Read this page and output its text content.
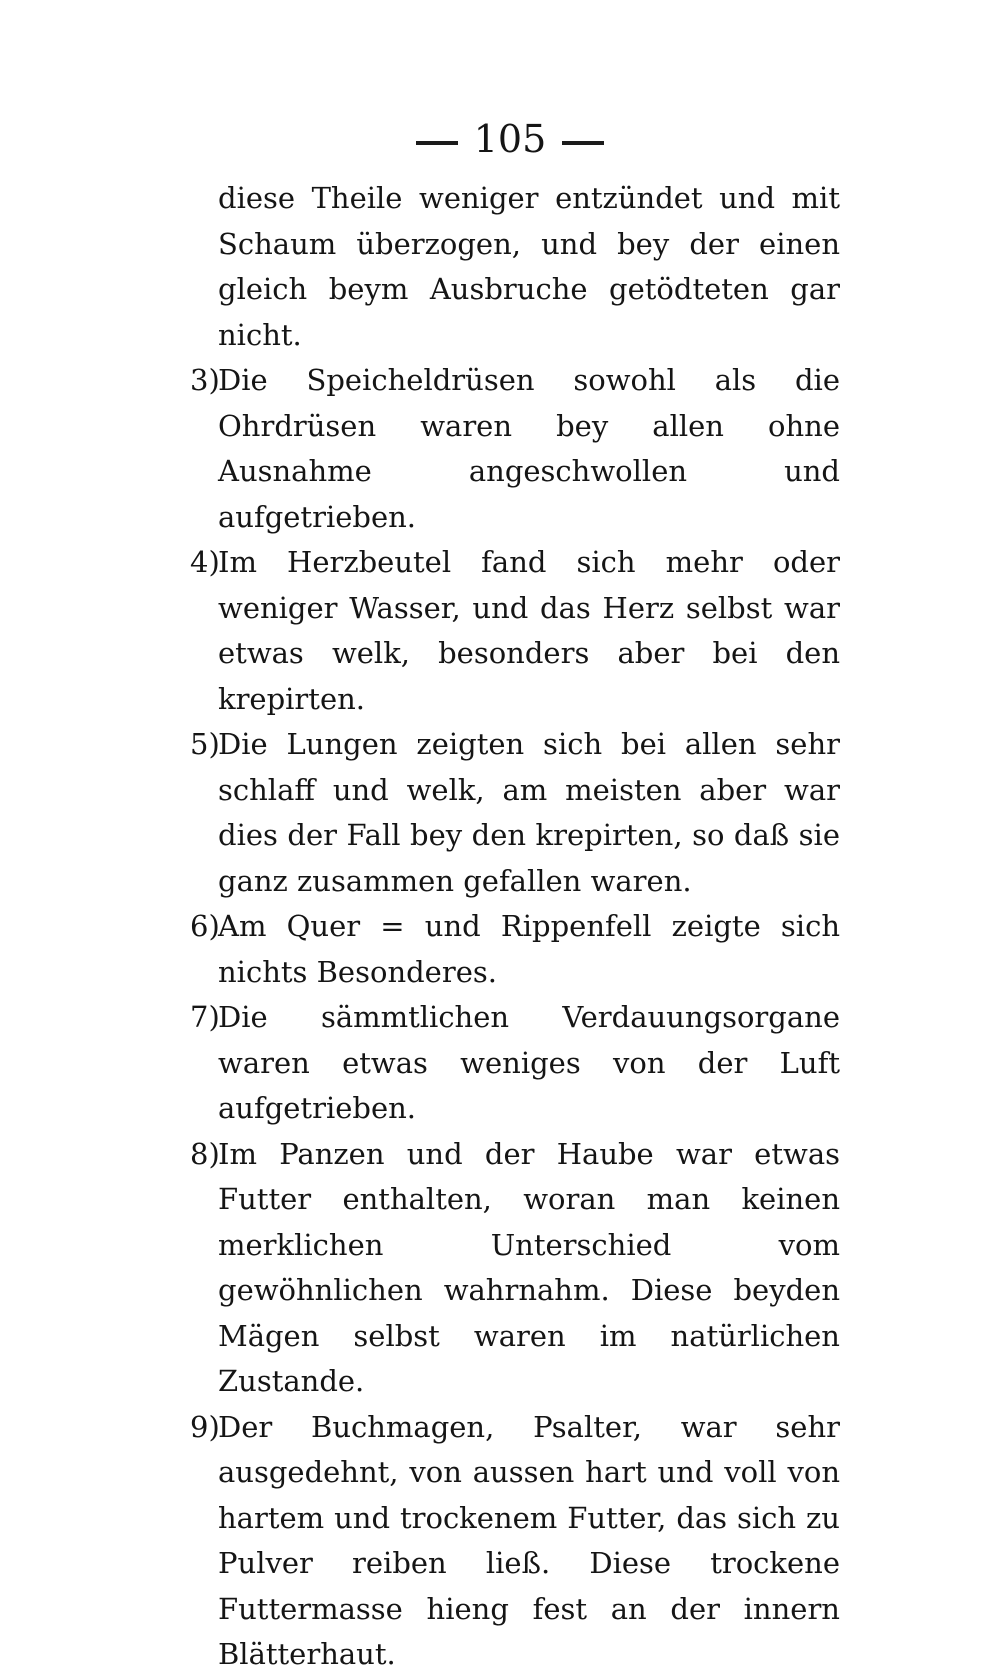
105

diese Theile weniger entzündet und mit Schaum überzogen, und bey der einen gleich beym Ausbruche getödteten gar nicht.

3)
Die Speicheldrüsen sowohl als die Ohrdrüsen waren bey allen ohne Ausnahme angeschwollen und aufgetrieben.

4)
Im Herzbeutel fand sich mehr oder weniger Wasser, und das Herz selbst war etwas welk, besonders aber bei den krepirten.

5)
Die Lungen zeigten sich bei allen sehr schlaff und welk, am meisten aber war dies der Fall bey den krepirten, so daß sie ganz zusammen gefallen waren.

6)
Am Quer = und Rippenfell zeigte sich nichts Besonderes.

7)
Die sämmtlichen Verdauungsorgane waren etwas weniges von der Luft aufgetrieben.

8)
Im Panzen und der Haube war etwas Futter enthalten, woran man keinen merklichen Unterschied vom gewöhnlichen wahrnahm. Diese beyden Mägen selbst waren im natürlichen Zustande.

9)
Der Buchmagen, Psalter, war sehr ausgedehnt, von aussen hart und voll von hartem und trockenem Futter, das sich zu Pulver reiben ließ. Diese trockene Futtermasse hieng fest an der innern Blätterhaut.
